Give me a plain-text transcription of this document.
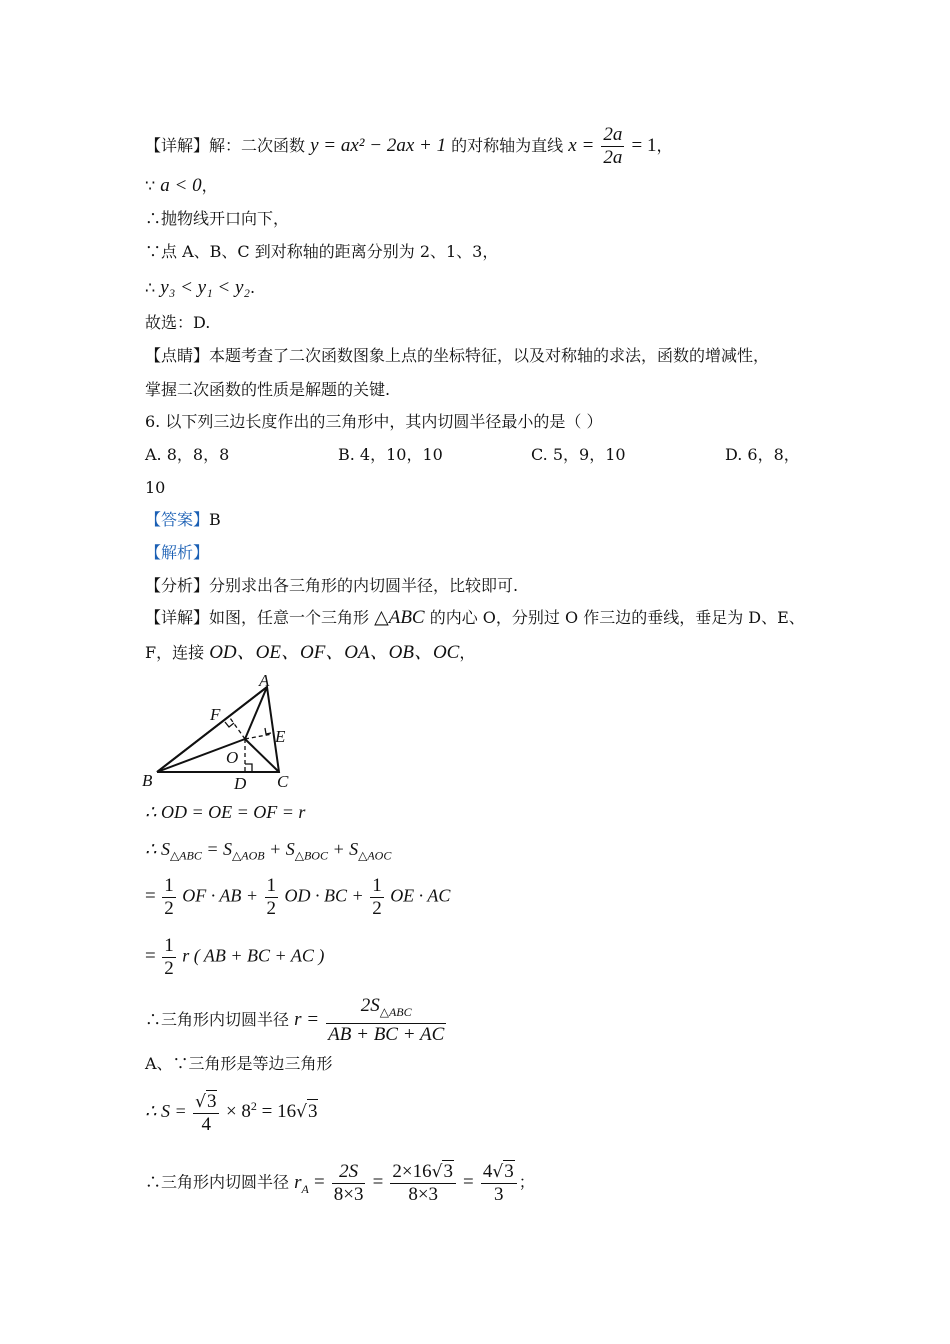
【详解】解：二次函数 y = ax² − 2ax + 1 的对称轴为直线 $x = \frac{2a}{2a} = 1$，
∵ a < 0，
∴抛物线开口向下，
∵点 A、B、C 到对称轴的距离分别为 2、1、3，
∴ y₃ < y₁ < y₂.
故选：D.
【点睛】本题考查了二次函数图象上点的坐标特征，以及对称轴的求法，函数的增减性，
掌握二次函数的性质是解题的关键.
6. 以下列三边长度作出的三角形中，其内切圆半径最小的是（ ）
A. 8，8，8	B. 4，10，10	C. 5，9，10	D. 6，8，
10
【答案】B
【解析】
【分析】分别求出各三角形的内切圆半径，比较即可.
【详解】如图，任意一个三角形 △ABC 的内心 O，分别过 O 作三边的垂线，垂足为 D、E、
F，连接 OD、OE、OF、OA、OB、OC，
A
B	C
D
E
F
O
∴ OD = OE = OF = r
∴ $S_{\triangle ABC} = S_{\triangle AOB} + S_{\triangle BOC} + S_{\triangle AOC}$
= $\frac{1}{2}$ OF · AB + $\frac{1}{2}$ OD · BC + $\frac{1}{2}$ OE · AC
= $\frac{1}{2}$ r ( AB + BC + AC )
∴三角形内切圆半径 $r = \frac{2S_{\triangle ABC}}{AB + BC + AC}$
A、∵三角形是等边三角形
∴ $S = \frac{√3}{4} \times 8^2 = 16√3$
∴三角形内切圆半径 $r_A = \frac{2S}{8\times 3} = \frac{2\times 16√3}{8\times 3} = \frac{4√3}{3}$ ；
